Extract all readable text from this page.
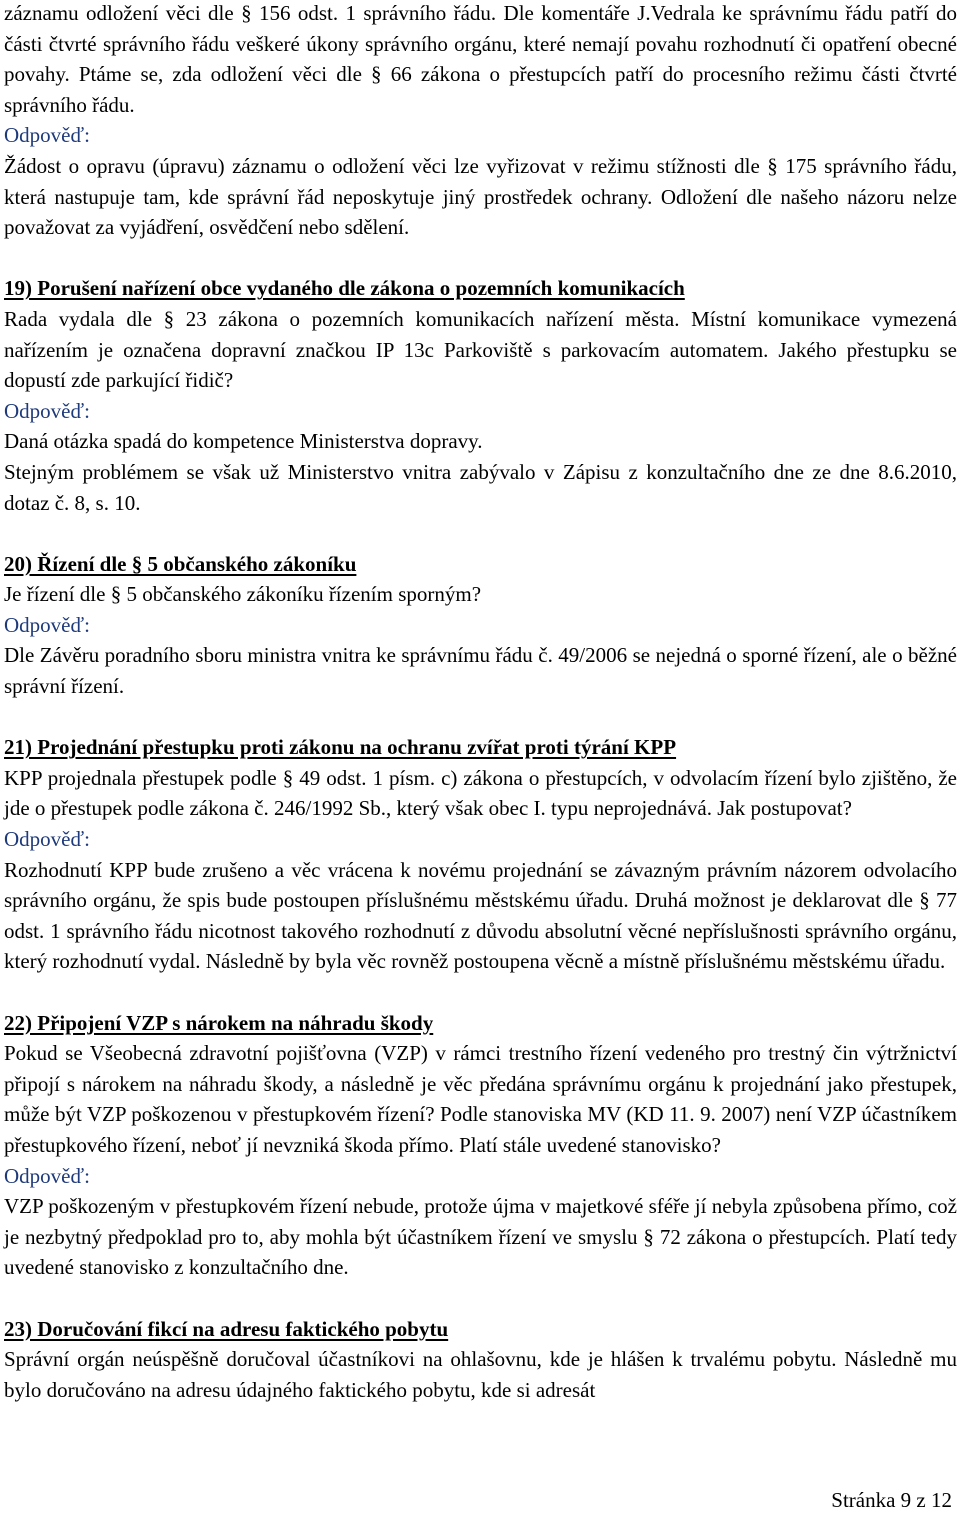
záznamu odložení věci dle § 156 odst. 1 správního řádu. Dle komentáře J.Vedrala ke správnímu řádu patří do části čtvrté správního řádu veškeré úkony správního orgánu, které nemají povahu rozhodnutí či opatření obecné povahy. Ptáme se, zda odložení věci dle § 66 zákona o přestupcích patří do procesního režimu části čtvrté správního řádu.

Odpověď:

Žádost o opravu (úpravu) záznamu o odložení věci lze vyřizovat v režimu stížnosti dle § 175 správního řádu, která nastupuje tam, kde správní řád neposkytuje jiný prostředek ochrany. Odložení dle našeho názoru nelze považovat za vyjádření, osvědčení nebo sdělení.

19) Porušení nařízení obce vydaného dle zákona o pozemních komunikacích

Rada vydala dle § 23 zákona o pozemních komunikacích nařízení města. Místní komunikace vymezená nařízením je označena dopravní značkou IP 13c Parkoviště s parkovacím automatem. Jakého přestupku se dopustí zde parkující řidič?

Odpověď:

Daná otázka spadá do kompetence Ministerstva dopravy.

Stejným problémem se však už Ministerstvo vnitra zabývalo v Zápisu z konzultačního dne ze dne 8.6.2010, dotaz č. 8, s. 10.

20) Řízení dle § 5 občanského zákoníku

Je řízení dle § 5 občanského zákoníku řízením sporným?

Odpověď:

Dle Závěru poradního sboru ministra vnitra ke správnímu řádu č. 49/2006 se nejedná o sporné řízení, ale o běžné správní řízení.

21) Projednání přestupku proti zákonu na ochranu zvířat proti týrání KPP

KPP projednala přestupek podle § 49 odst. 1 písm. c) zákona o přestupcích, v odvolacím řízení bylo zjištěno, že jde o přestupek podle zákona č. 246/1992 Sb., který však obec I. typu neprojednává. Jak postupovat?

Odpověď:

Rozhodnutí KPP bude zrušeno a věc vrácena k novému projednání se závazným právním názorem odvolacího správního orgánu, že spis bude postoupen příslušnému městskému úřadu. Druhá možnost je deklarovat dle § 77 odst. 1 správního řádu nicotnost takového rozhodnutí z důvodu absolutní věcné nepříslušnosti správního orgánu, který rozhodnutí vydal. Následně by byla věc rovněž postoupena věcně a místně příslušnému městskému úřadu.

22) Připojení VZP s nárokem na náhradu škody

Pokud se Všeobecná zdravotní pojišťovna (VZP) v rámci trestního řízení vedeného pro trestný čin výtržnictví připojí s nárokem na náhradu škody, a následně je věc předána správnímu orgánu k projednání jako přestupek, může být VZP poškozenou v přestupkovém řízení? Podle stanoviska MV (KD 11. 9. 2007) není VZP účastníkem přestupkového řízení, neboť jí nevzniká škoda přímo. Platí stále uvedené stanovisko?

Odpověď:

VZP poškozeným v přestupkovém řízení nebude, protože újma v majetkové sféře jí nebyla způsobena přímo, což je nezbytný předpoklad pro to, aby mohla být účastníkem řízení ve smyslu § 72 zákona o přestupcích. Platí tedy uvedené stanovisko z konzultačního dne.

23) Doručování fikcí na adresu faktického pobytu

Správní orgán neúspěšně doručoval účastníkovi na ohlašovnu, kde je hlášen k trvalému pobytu. Následně mu bylo doručováno na adresu údajného faktického pobytu, kde si adresát

Stránka 9 z 12
